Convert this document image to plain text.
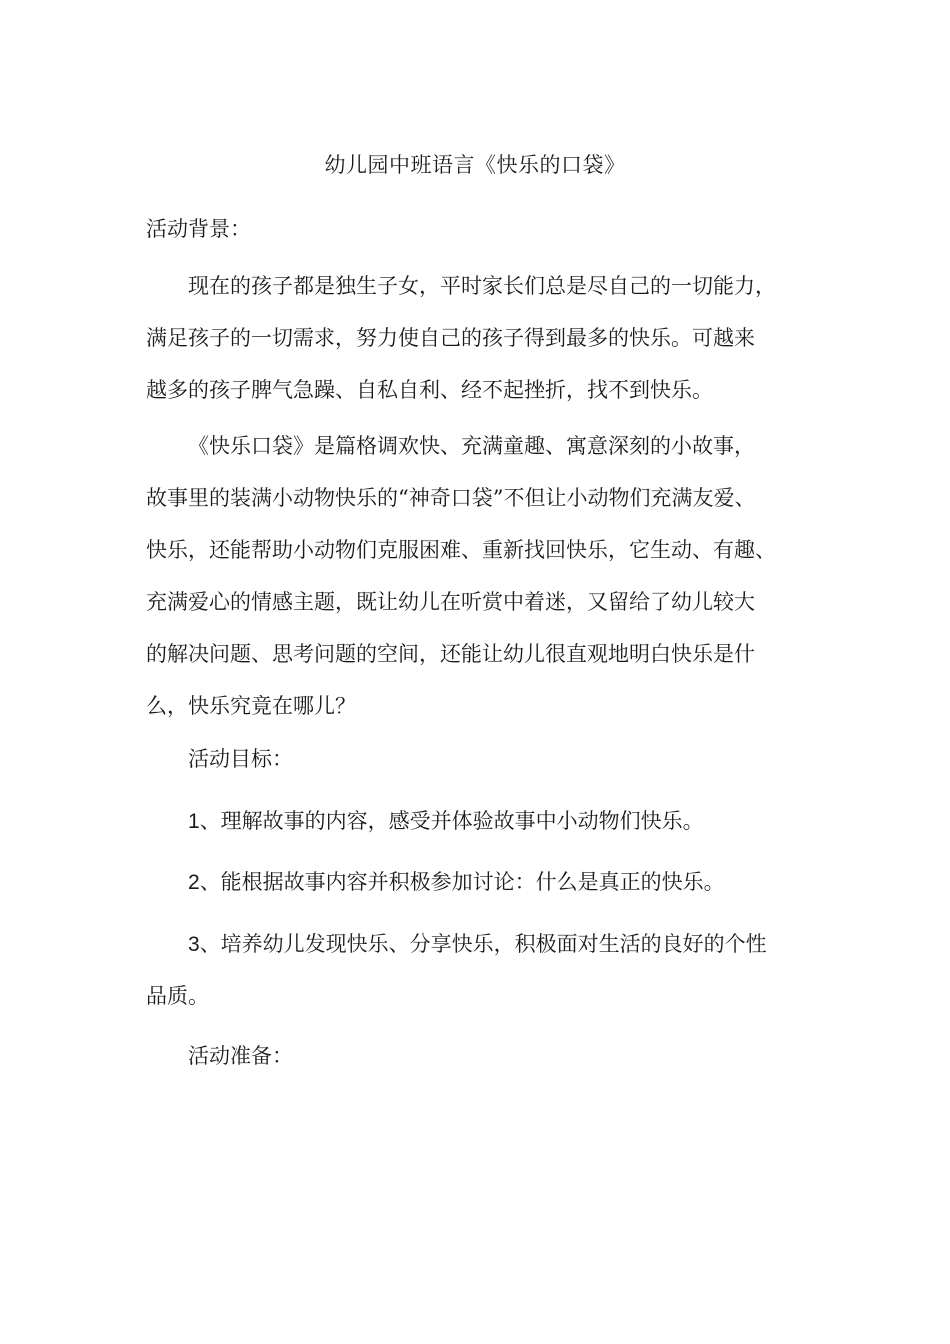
幼儿园中班语言《快乐的口袋》
活动背景：
现在的孩子都是独生子女，平时家长们总是尽自己的一切能力，
满足孩子的一切需求，努力使自己的孩子得到最多的快乐。可越来
越多的孩子脾气急躁、自私自利、经不起挫折，找不到快乐。
《快乐口袋》是篇格调欢快、充满童趣、寓意深刻的小故事，
故事里的装满小动物快乐的“神奇口袋”不但让小动物们充满友爱、
快乐，还能帮助小动物们克服困难、重新找回快乐，它生动、有趣、
充满爱心的情感主题，既让幼儿在听赏中着迷，又留给了幼儿较大
的解决问题、思考问题的空间，还能让幼儿很直观地明白快乐是什
么，快乐究竟在哪儿？
活动目标：
1、理解故事的内容，感受并体验故事中小动物们快乐。
2、能根据故事内容并积极参加讨论：什么是真正的快乐。
3、培养幼儿发现快乐、分享快乐，积极面对生活的良好的个性
品质。
活动准备：
